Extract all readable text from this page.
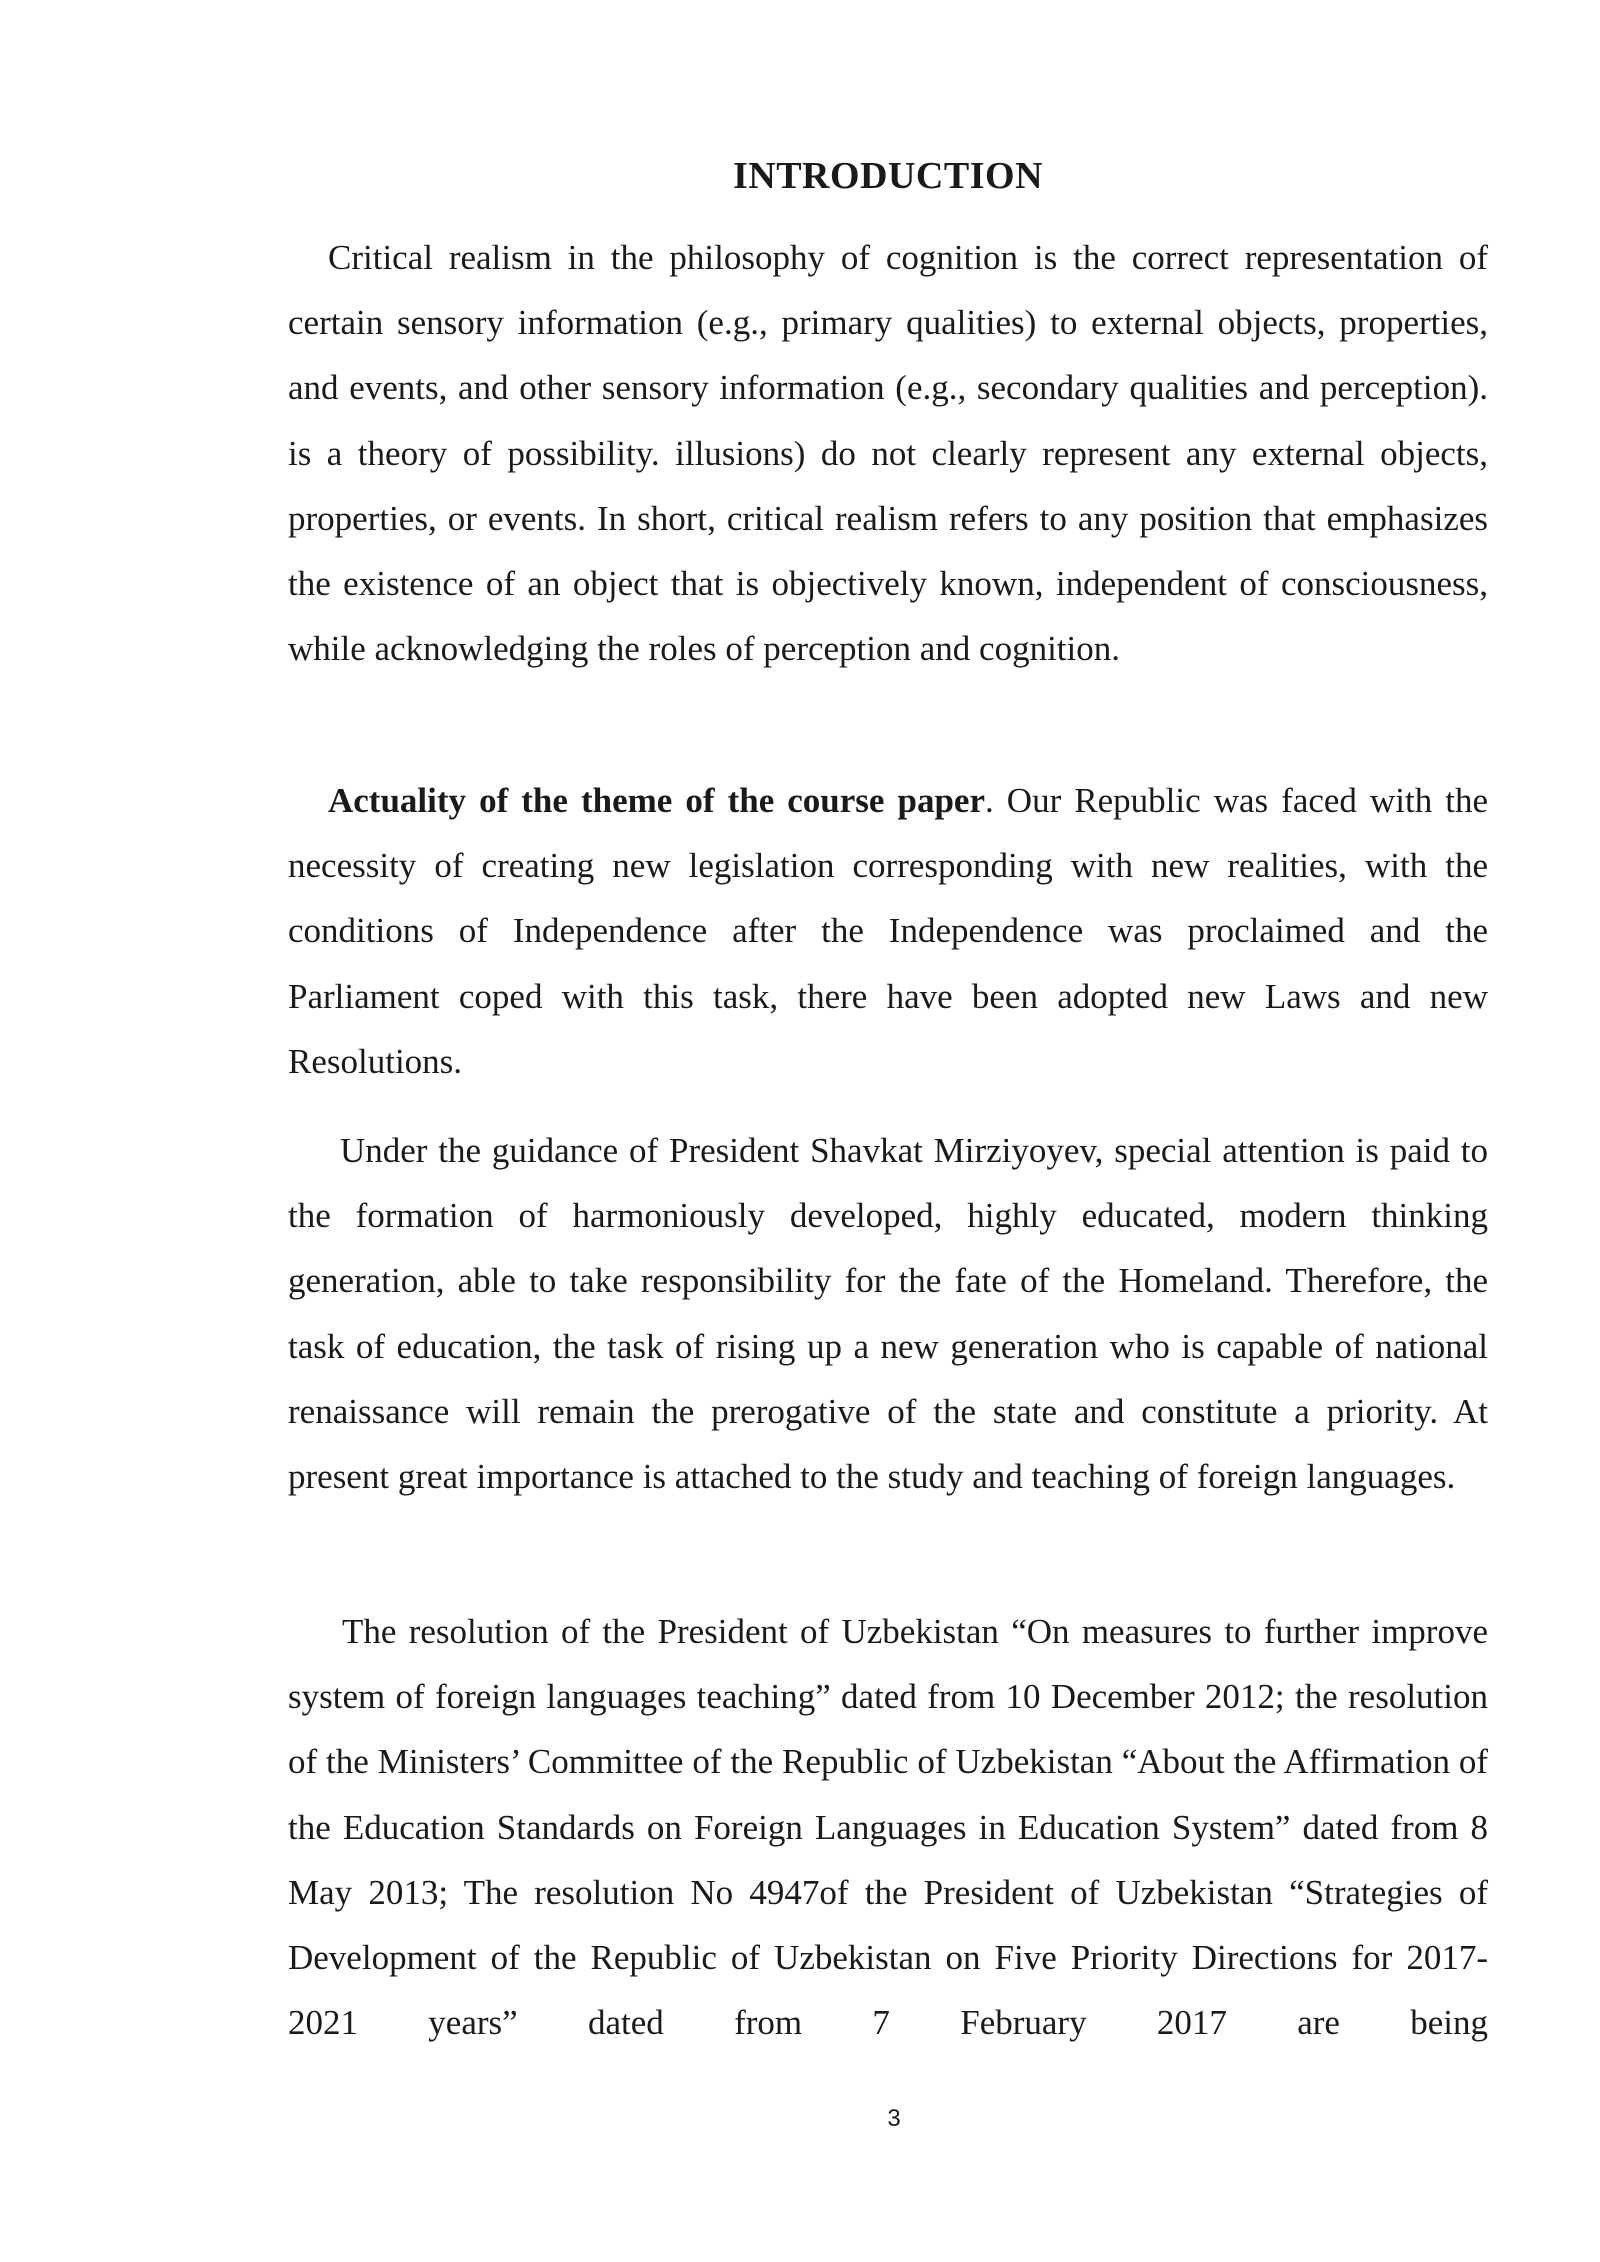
INTRODUCTION

Critical realism in the philosophy of cognition is the correct representation of certain sensory information (e.g., primary qualities) to external objects, properties, and events, and other sensory information (e.g., secondary qualities and perception). is a theory of possibility. illusions) do not clearly represent any external objects, properties, or events. In short, critical realism refers to any position that emphasizes the existence of an object that is objectively known, independent of consciousness, while acknowledging the roles of perception and cognition.

Actuality of the theme of the course paper. Our Republic was faced with the necessity of creating new legislation corresponding with new realities, with the conditions of Independence after the Independence was proclaimed and the Parliament coped with this task, there have been adopted new Laws and new Resolutions.

Under the guidance of President Shavkat Mirziyoyev, special attention is paid to the formation of harmoniously developed, highly educated, modern thinking generation, able to take responsibility for the fate of the Homeland. Therefore, the task of education, the task of rising up a new generation who is capable of national renaissance will remain the prerogative of the state and constitute a priority. At present great importance is attached to the study and teaching of foreign languages.

The resolution of the President of Uzbekistan “On measures to further improve system of foreign languages teaching” dated from 10 December 2012; the resolution of the Ministers’ Committee of the Republic of Uzbekistan “About the Affirmation of the Education Standards on Foreign Languages in Education System” dated from 8 May 2013; The resolution No 4947of the President of Uzbekistan “Strategies of Development of the Republic of Uzbekistan on Five Priority Directions for 2017-2021 years” dated from 7 February 2017 are being

3
